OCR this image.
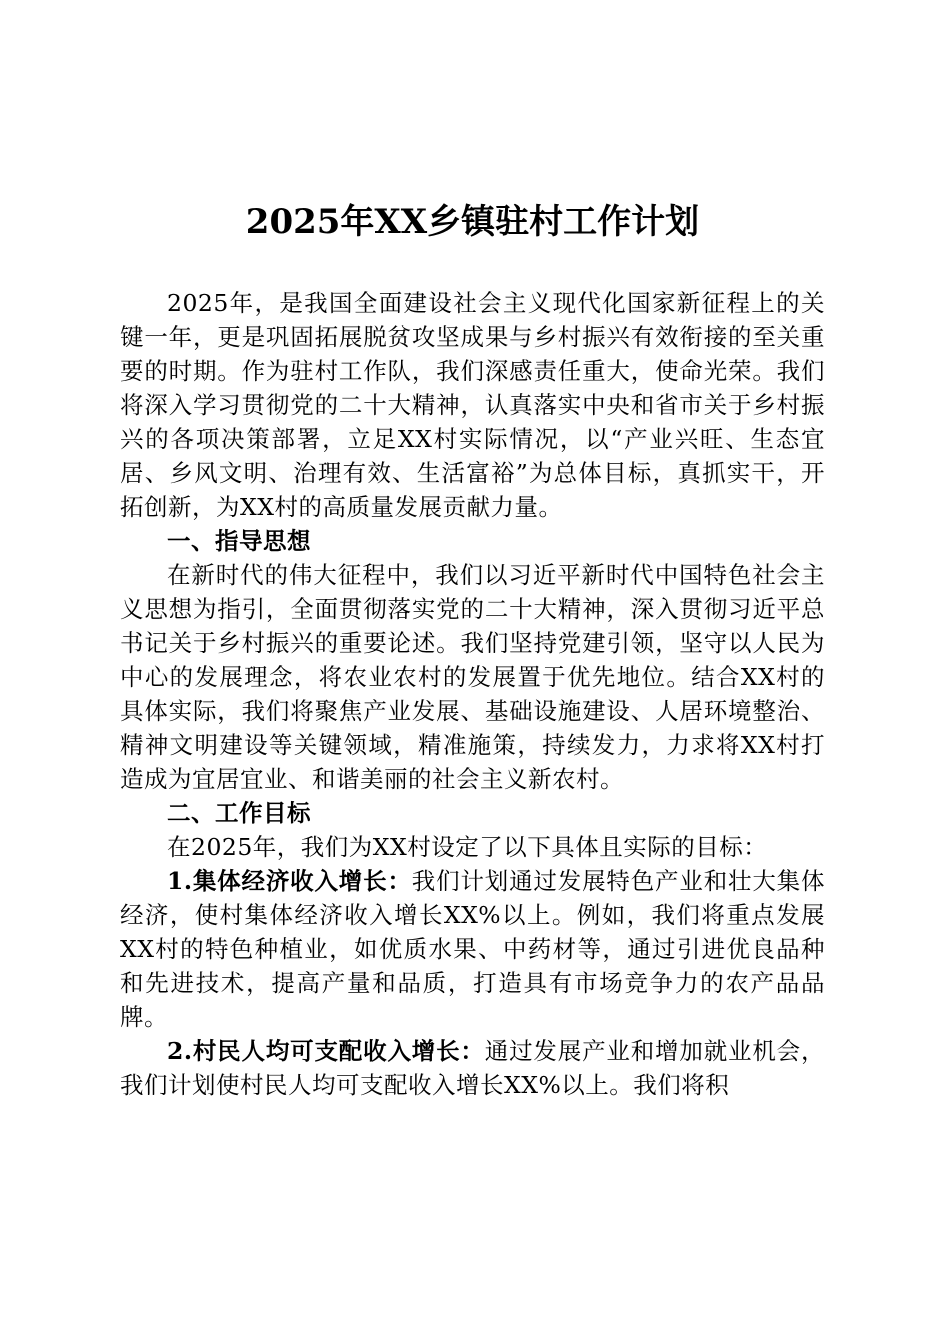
2025年XX乡镇驻村工作计划

2025年，是我国全面建设社会主义现代化国家新征程上的关键一年，更是巩固拓展脱贫攻坚成果与乡村振兴有效衔接的至关重要的时期。作为驻村工作队，我们深感责任重大，使命光荣。我们将深入学习贯彻党的二十大精神，认真落实中央和省市关于乡村振兴的各项决策部署，立足XX村实际情况，以“产业兴旺、生态宜居、乡风文明、治理有效、生活富裕”为总体目标，真抓实干，开拓创新，为XX村的高质量发展贡献力量。

一、指导思想

在新时代的伟大征程中，我们以习近平新时代中国特色社会主义思想为指引，全面贯彻落实党的二十大精神，深入贯彻习近平总书记关于乡村振兴的重要论述。我们坚持党建引领，坚守以人民为中心的发展理念，将农业农村的发展置于优先地位。结合XX村的具体实际，我们将聚焦产业发展、基础设施建设、人居环境整治、精神文明建设等关键领域，精准施策，持续发力，力求将XX村打造成为宜居宜业、和谐美丽的社会主义新农村。

二、工作目标

在2025年，我们为XX村设定了以下具体且实际的目标：

1.集体经济收入增长：我们计划通过发展特色产业和壮大集体经济，使村集体经济收入增长XX%以上。例如，我们将重点发展XX村的特色种植业，如优质水果、中药材等，通过引进优良品种和先进技术，提高产量和品质，打造具有市场竞争力的农产品品牌。

2.村民人均可支配收入增长：通过发展产业和增加就业机会，我们计划使村民人均可支配收入增长XX%以上。我们将积
